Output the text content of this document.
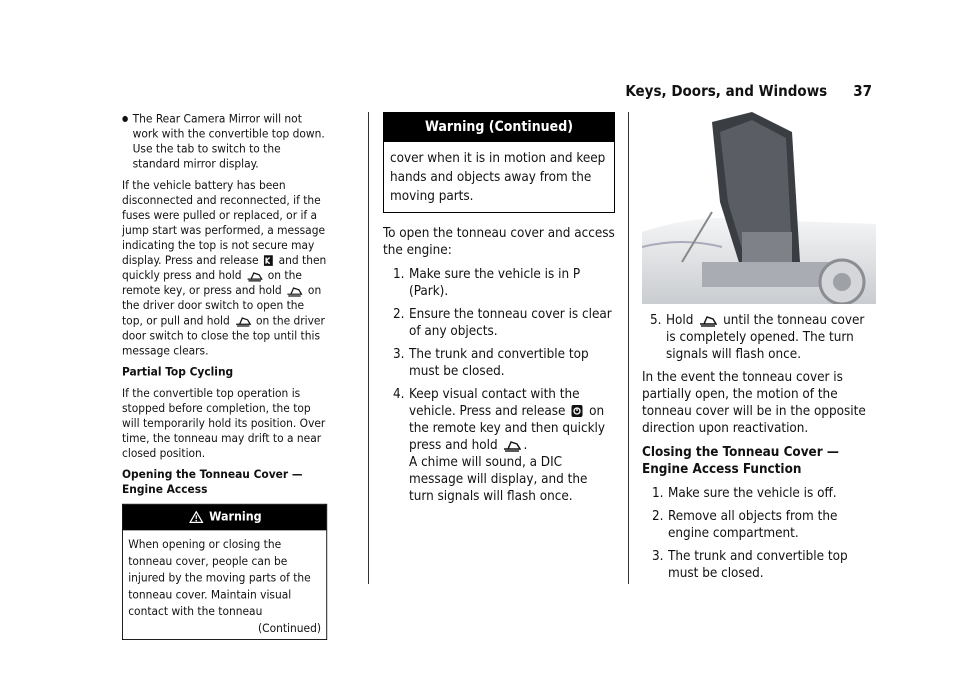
Keys, Doors, and Windows 37
● The Rear Camera Mirror will not work with the convertible top down. Use the tab to switch to the standard mirror display.

If the vehicle battery has been disconnected and reconnected, if the fuses were pulled or replaced, or if a jump start was performed, a message indicating the top is not secure may display. Press and release and then quickly press and hold on the remote key, or press and hold on the driver door switch to open the top, or pull and hold on the driver door switch to close the top until this message clears.

Partial Top Cycling

If the convertible top operation is stopped before completion, the top will temporarily hold its position. Over time, the tonneau may drift to a near closed position.

Opening the Tonneau Cover — Engine Access

Warning
When opening or closing the tonneau cover, people can be injured by the moving parts of the tonneau cover. Maintain visual contact with the tonneau
(Continued)
Warning (Continued)
cover when it is in motion and keep hands and objects away from the moving parts.

To open the tonneau cover and access the engine:

1. Make sure the vehicle is in P (Park).
2. Ensure the tonneau cover is clear of any objects.
3. The trunk and convertible top must be closed.
4. Keep visual contact with the vehicle. Press and release on the remote key and then quickly press and hold .
A chime will sound, a DIC message will display, and the turn signals will flash once.
5. Hold until the tonneau cover is completely opened. The turn signals will flash once.

In the event the tonneau cover is partially open, the motion of the tonneau cover will be in the opposite direction upon reactivation.

Closing the Tonneau Cover — Engine Access Function

1. Make sure the vehicle is off.
2. Remove all objects from the engine compartment.
3. The trunk and convertible top must be closed.
